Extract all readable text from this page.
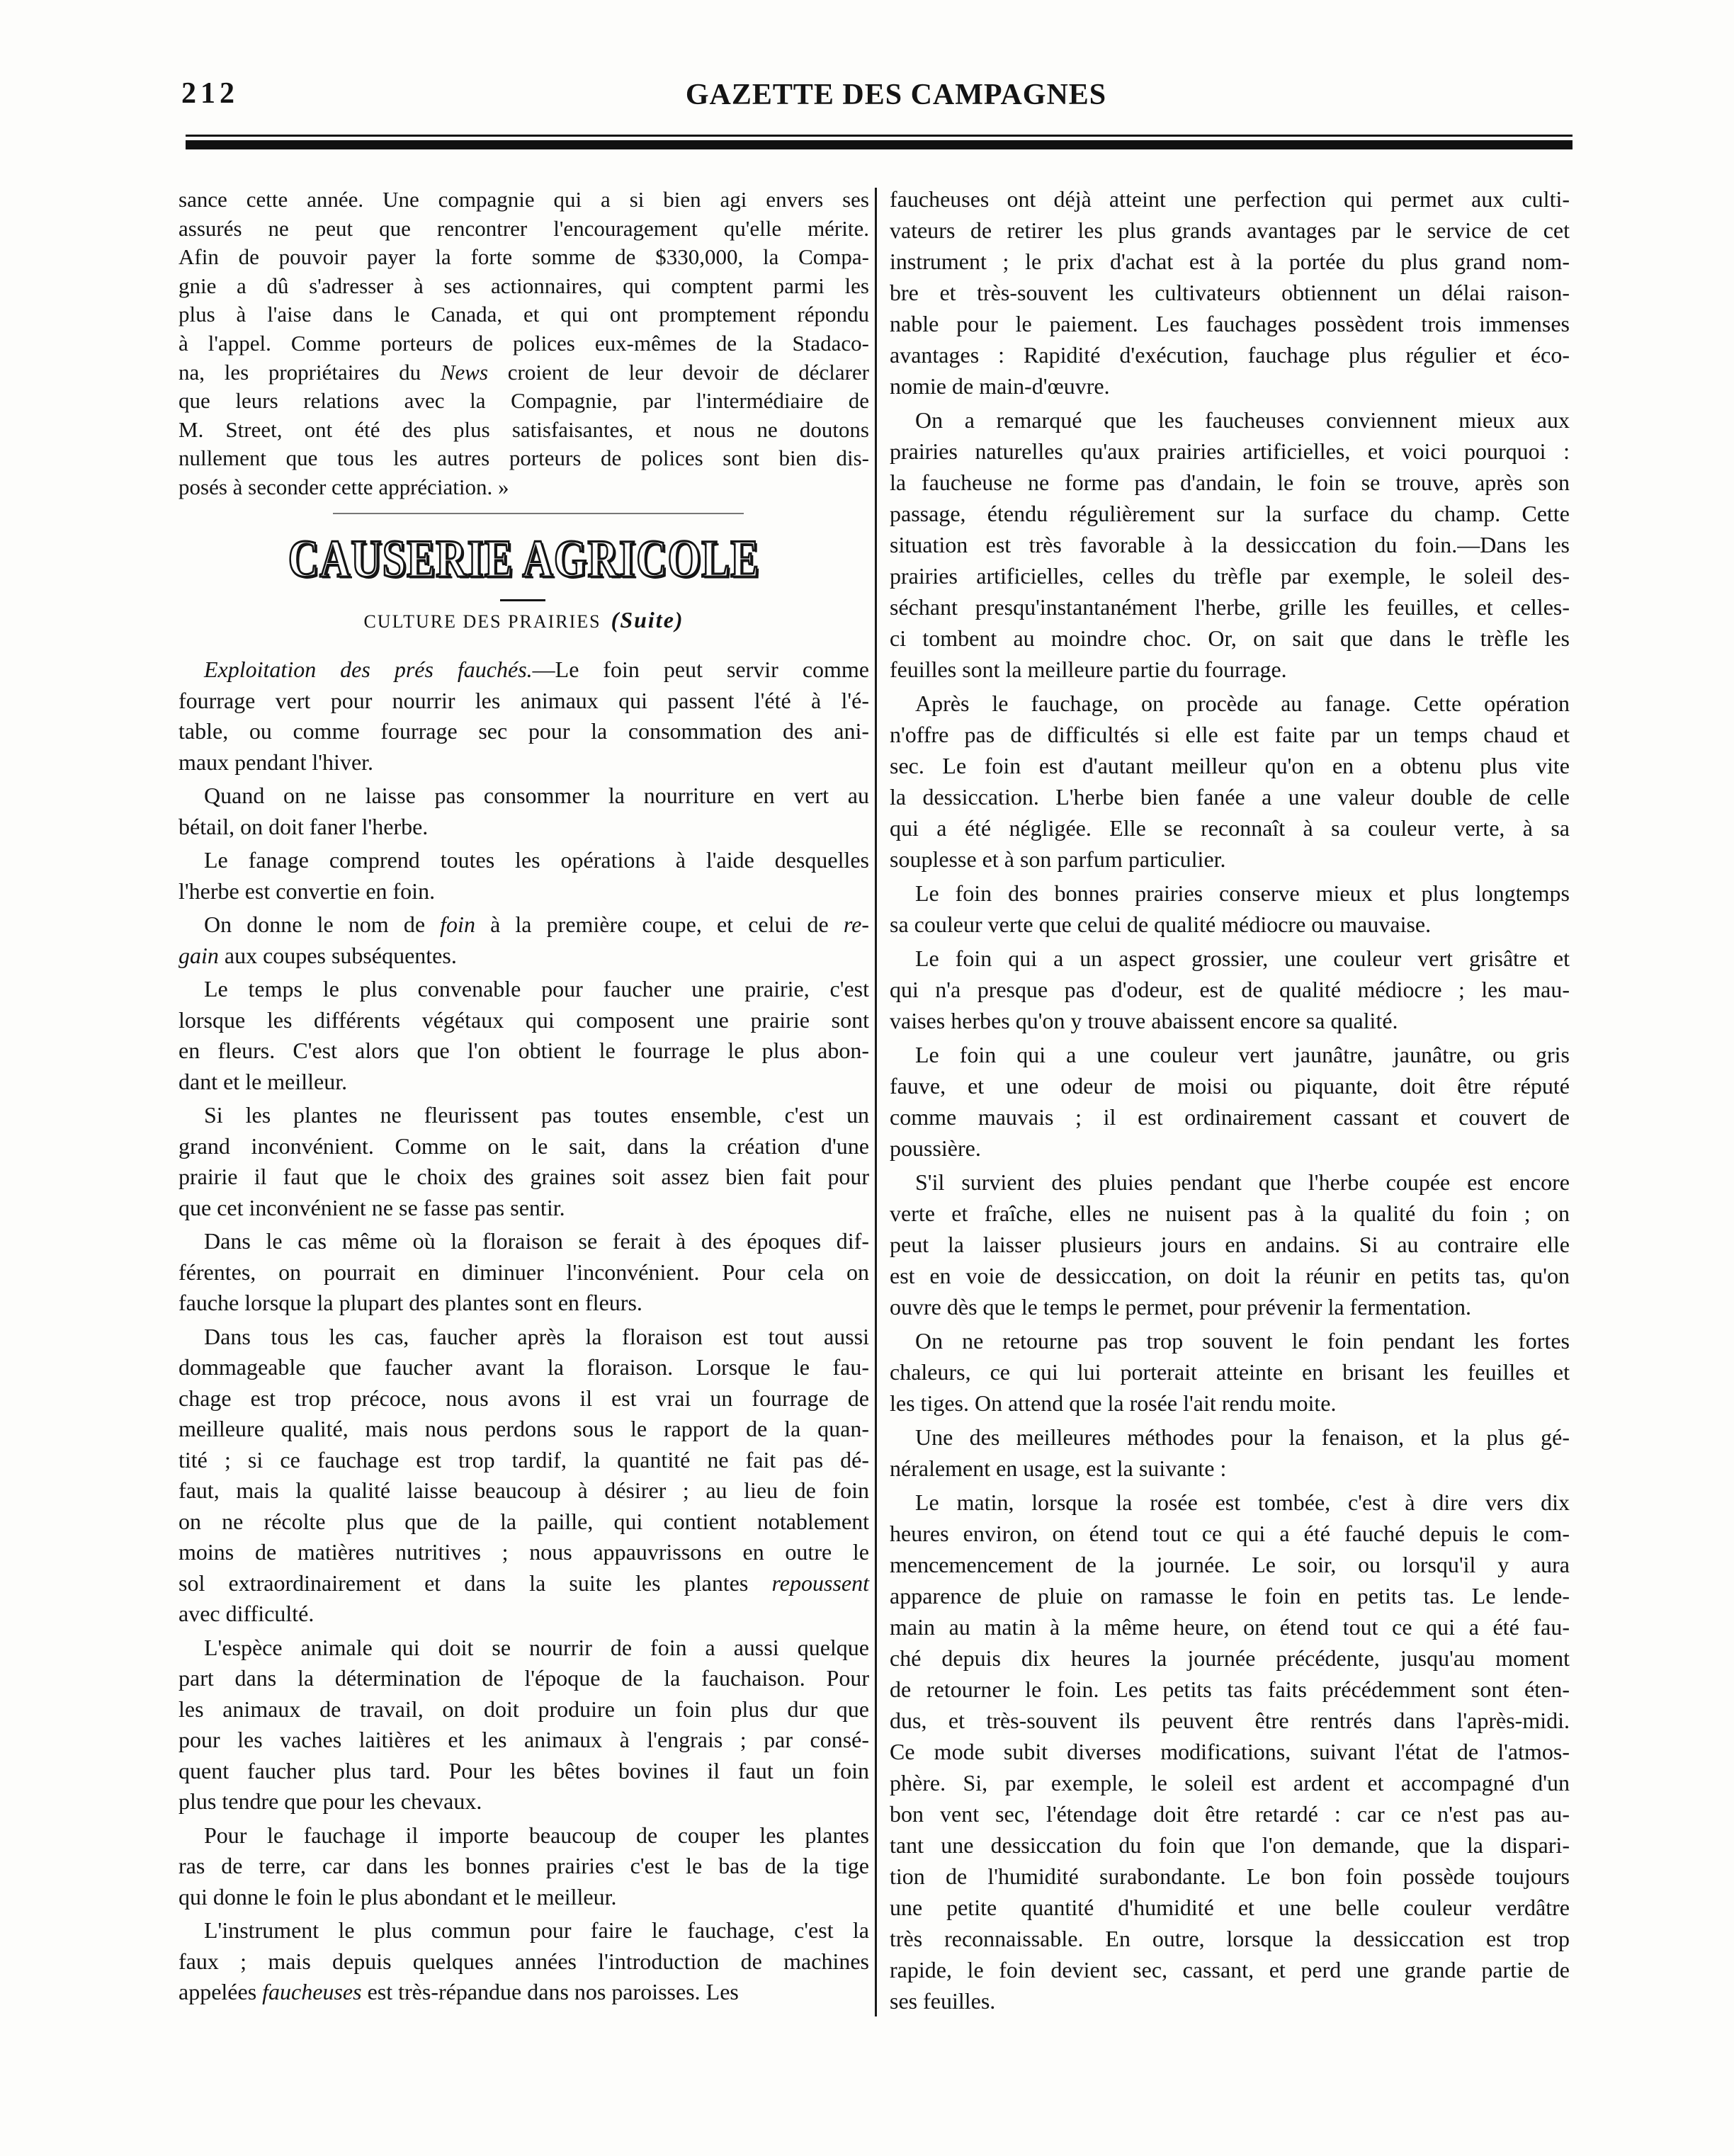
212	GAZETTE DES CAMPAGNES
sance cette année. Une compagnie qui a si bien agi envers ses
assurés ne peut que rencontrer l'encouragement qu'elle mérite.
Afin de pouvoir payer la forte somme de $330,000, la Compa-
gnie a dû s'adresser à ses actionnaires, qui comptent parmi les
plus à l'aise dans le Canada, et qui ont promptement répondu
à l'appel. Comme porteurs de polices eux-mêmes de la Stadaco-
na, les propriétaires du News croient de leur devoir de déclarer
que leurs relations avec la Compagnie, par l'intermédiaire de
M. Street, ont été des plus satisfaisantes, et nous ne doutons
nullement que tous les autres porteurs de polices sont bien dis-
posés à seconder cette appréciation. »
CAUSERIE AGRICOLE
CULTURE DES PRAIRIES (Suite)
Exploitation des prés fauchés.—Le foin peut servir comme
fourrage vert pour nourrir les animaux qui passent l'été à l'é-
table, ou comme fourrage sec pour la consommation des ani-
maux pendant l'hiver.
Quand on ne laisse pas consommer la nourriture en vert au
bétail, on doit faner l'herbe.
Le fanage comprend toutes les opérations à l'aide desquelles
l'herbe est convertie en foin.
On donne le nom de foin à la première coupe, et celui de re-
gain aux coupes subséquentes.
Le temps le plus convenable pour faucher une prairie, c'est
lorsque les différents végétaux qui composent une prairie sont
en fleurs. C'est alors que l'on obtient le fourrage le plus abon-
dant et le meilleur.
Si les plantes ne fleurissent pas toutes ensemble, c'est un
grand inconvénient. Comme on le sait, dans la création d'une
prairie il faut que le choix des graines soit assez bien fait pour
que cet inconvénient ne se fasse pas sentir.
Dans le cas même où la floraison se ferait à des époques dif-
férentes, on pourrait en diminuer l'inconvénient. Pour cela on
fauche lorsque la plupart des plantes sont en fleurs.
Dans tous les cas, faucher après la floraison est tout aussi
dommageable que faucher avant la floraison. Lorsque le fau-
chage est trop précoce, nous avons il est vrai un fourrage de
meilleure qualité, mais nous perdons sous le rapport de la quan-
tité ; si ce fauchage est trop tardif, la quantité ne fait pas dé-
faut, mais la qualité laisse beaucoup à désirer ; au lieu de foin
on ne récolte plus que de la paille, qui contient notablement
moins de matières nutritives ; nous appauvrissons en outre le
sol extraordinairement et dans la suite les plantes repoussent
avec difficulté.
L'espèce animale qui doit se nourrir de foin a aussi quelque
part dans la détermination de l'époque de la fauchaison. Pour
les animaux de travail, on doit produire un foin plus dur que
pour les vaches laitières et les animaux à l'engrais ; par consé-
quent faucher plus tard. Pour les bêtes bovines il faut un foin
plus tendre que pour les chevaux.
Pour le fauchage il importe beaucoup de couper les plantes
ras de terre, car dans les bonnes prairies c'est le bas de la tige
qui donne le foin le plus abondant et le meilleur.
L'instrument le plus commun pour faire le fauchage, c'est la
faux ; mais depuis quelques années l'introduction de machines
appelées faucheuses est très-répandue dans nos paroisses. Les
faucheuses ont déjà atteint une perfection qui permet aux culti-
vateurs de retirer les plus grands avantages par le service de cet
instrument ; le prix d'achat est à la portée du plus grand nom-
bre et très-souvent les cultivateurs obtiennent un délai raison-
nable pour le paiement. Les fauchages possèdent trois immenses
avantages : Rapidité d'exécution, fauchage plus régulier et éco-
nomie de main-d'œuvre.
On a remarqué que les faucheuses conviennent mieux aux
prairies naturelles qu'aux prairies artificielles, et voici pourquoi :
la faucheuse ne forme pas d'andain, le foin se trouve, après son
passage, étendu régulièrement sur la surface du champ. Cette
situation est très favorable à la dessiccation du foin.—Dans les
prairies artificielles, celles du trèfle par exemple, le soleil des-
séchant presqu'instantanément l'herbe, grille les feuilles, et celles-
ci tombent au moindre choc. Or, on sait que dans le trèfle les
feuilles sont la meilleure partie du fourrage.
Après le fauchage, on procède au fanage. Cette opération
n'offre pas de difficultés si elle est faite par un temps chaud et
sec. Le foin est d'autant meilleur qu'on en a obtenu plus vite
la dessiccation. L'herbe bien fanée a une valeur double de celle
qui a été négligée. Elle se reconnaît à sa couleur verte, à sa
souplesse et à son parfum particulier.
Le foin des bonnes prairies conserve mieux et plus longtemps
sa couleur verte que celui de qualité médiocre ou mauvaise.
Le foin qui a un aspect grossier, une couleur vert grisâtre et
qui n'a presque pas d'odeur, est de qualité médiocre ; les mau-
vaises herbes qu'on y trouve abaissent encore sa qualité.
Le foin qui a une couleur vert jaunâtre, jaunâtre, ou gris
fauve, et une odeur de moisi ou piquante, doit être réputé
comme mauvais ; il est ordinairement cassant et couvert de
poussière.
S'il survient des pluies pendant que l'herbe coupée est encore
verte et fraîche, elles ne nuisent pas à la qualité du foin ; on
peut la laisser plusieurs jours en andains. Si au contraire elle
est en voie de dessiccation, on doit la réunir en petits tas, qu'on
ouvre dès que le temps le permet, pour prévenir la fermentation.
On ne retourne pas trop souvent le foin pendant les fortes
chaleurs, ce qui lui porterait atteinte en brisant les feuilles et
les tiges. On attend que la rosée l'ait rendu moite.
Une des meilleures méthodes pour la fenaison, et la plus gé-
néralement en usage, est la suivante :
Le matin, lorsque la rosée est tombée, c'est à dire vers dix
heures environ, on étend tout ce qui a été fauché depuis le com-
mencemencement de la journée. Le soir, ou lorsqu'il y aura
apparence de pluie on ramasse le foin en petits tas. Le lende-
main au matin à la même heure, on étend tout ce qui a été fau-
ché depuis dix heures la journée précédente, jusqu'au moment
de retourner le foin. Les petits tas faits précédemment sont éten-
dus, et très-souvent ils peuvent être rentrés dans l'après-midi.
Ce mode subit diverses modifications, suivant l'état de l'atmos-
phère. Si, par exemple, le soleil est ardent et accompagné d'un
bon vent sec, l'étendage doit être retardé : car ce n'est pas au-
tant une dessiccation du foin que l'on demande, que la dispari-
tion de l'humidité surabondante. Le bon foin possède toujours
une petite quantité d'humidité et une belle couleur verdâtre
très reconnaissable. En outre, lorsque la dessiccation est trop
rapide, le foin devient sec, cassant, et perd une grande partie de
ses feuilles.
